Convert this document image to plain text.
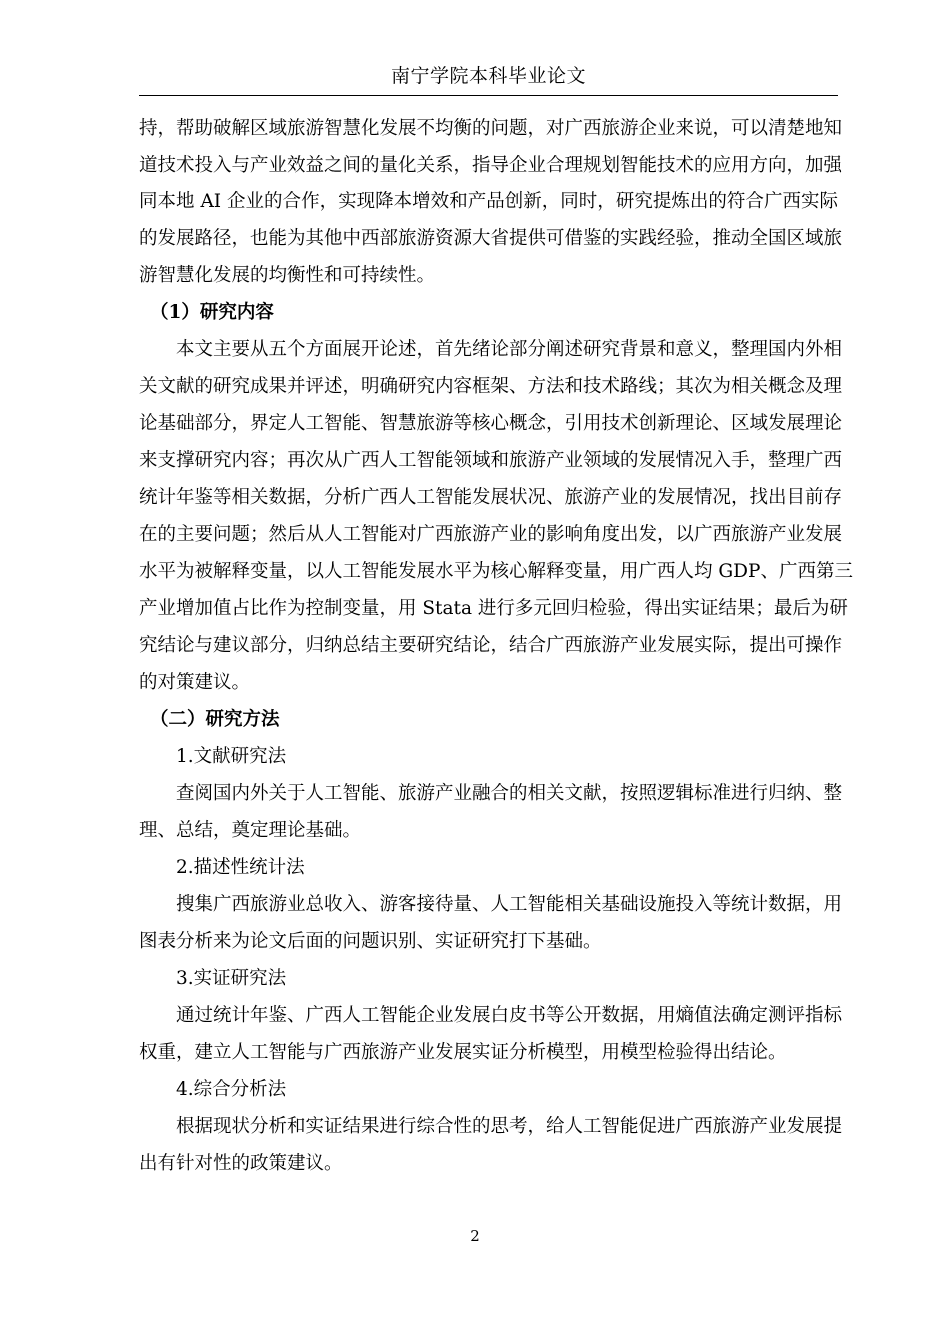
南宁学院本科毕业论文
持，帮助破解区域旅游智慧化发展不均衡的问题，对广西旅游企业来说，可以清楚地知
道技术投入与产业效益之间的量化关系，指导企业合理规划智能技术的应用方向，加强
同本地 AI 企业的合作，实现降本增效和产品创新，同时，研究提炼出的符合广西实际
的发展路径，也能为其他中西部旅游资源大省提供可借鉴的实践经验，推动全国区域旅
游智慧化发展的均衡性和可持续性。
（1）研究内容
本文主要从五个方面展开论述，首先绪论部分阐述研究背景和意义，整理国内外相
关文献的研究成果并评述，明确研究内容框架、方法和技术路线；其次为相关概念及理
论基础部分，界定人工智能、智慧旅游等核心概念，引用技术创新理论、区域发展理论
来支撑研究内容；再次从广西人工智能领域和旅游产业领域的发展情况入手，整理广西
统计年鉴等相关数据，分析广西人工智能发展状况、旅游产业的发展情况，找出目前存
在的主要问题；然后从人工智能对广西旅游产业的影响角度出发，以广西旅游产业发展
水平为被解释变量，以人工智能发展水平为核心解释变量，用广西人均 GDP、广西第三
产业增加值占比作为控制变量，用 Stata 进行多元回归检验，得出实证结果；最后为研
究结论与建议部分，归纳总结主要研究结论，结合广西旅游产业发展实际，提出可操作
的对策建议。
（二）研究方法
1.文献研究法
查阅国内外关于人工智能、旅游产业融合的相关文献，按照逻辑标准进行归纳、整
理、总结，奠定理论基础。
2.描述性统计法
搜集广西旅游业总收入、游客接待量、人工智能相关基础设施投入等统计数据，用
图表分析来为论文后面的问题识别、实证研究打下基础。
3.实证研究法
通过统计年鉴、广西人工智能企业发展白皮书等公开数据，用熵值法确定测评指标
权重，建立人工智能与广西旅游产业发展实证分析模型，用模型检验得出结论。
4.综合分析法
根据现状分析和实证结果进行综合性的思考，给人工智能促进广西旅游产业发展提
出有针对性的政策建议。
2
